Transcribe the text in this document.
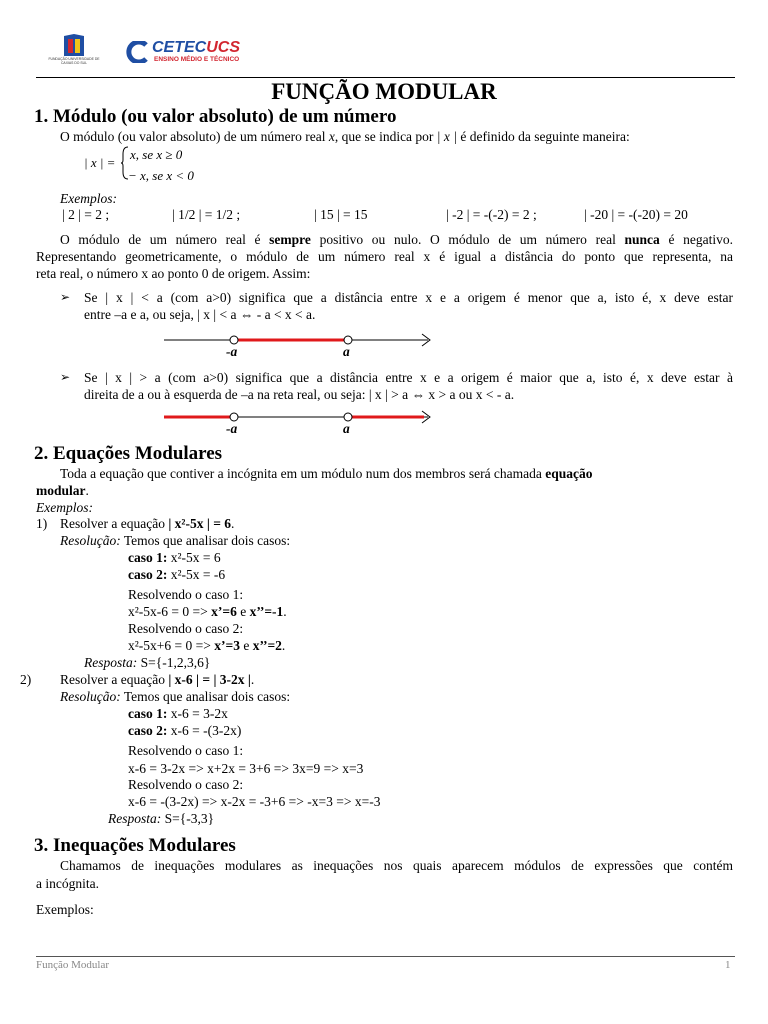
FUNDAÇÃO UNIVERSIDADE DE CAXIAS DO SUL
CETECUCS
ENSINO MÉDIO E TÉCNICO
FUNÇÃO MODULAR
1. Módulo (ou valor absoluto) de um número
O módulo (ou valor absoluto) de um número real x, que se indica por | x | é definido da seguinte maneira:
| x | =
x, se x ≥ 0
− x, se x < 0
Exemplos:
| 2 | = 2 ;	| 1/2 | = 1/2 ;	| 15 | = 15	| -2 | = -(-2) = 2 ;	| -20 | = -(-20) = 20
O módulo de um número real é sempre positivo ou nulo. O módulo de um número real nunca é negativo.
Representando geometricamente, o módulo de um número real x é igual a distância do ponto que representa, na
reta real, o número x ao ponto 0 de origem. Assim:
➢ Se | x | < a (com a>0) significa que a distância entre x e a origem é menor que a, isto é, x deve estar
entre –a e a, ou seja, | x | < a ⇔ - a < x < a.
-a	a
➢ Se | x | > a (com a>0) significa que a distância entre x e a origem é maior que a, isto é, x deve estar à
direita de a ou à esquerda de –a na reta real, ou seja: | x | > a ⇔ x > a ou x < - a.
-a	a
2. Equações Modulares
Toda a equação que contiver a incógnita em um módulo num dos membros será chamada equação
modular.
Exemplos:
1) Resolver a equação | x²-5x | = 6.
Resolução: Temos que analisar dois casos:
caso 1: x²-5x = 6
caso 2: x²-5x = -6
Resolvendo o caso 1:
x²-5x-6 = 0 => x’=6 e x’’=-1.
Resolvendo o caso 2:
x²-5x+6 = 0 => x’=3 e x’’=2.
Resposta: S={-1,2,3,6}
2) Resolver a equação | x-6 | = | 3-2x |.
Resolução: Temos que analisar dois casos:
caso 1: x-6 = 3-2x
caso 2: x-6 = -(3-2x)
Resolvendo o caso 1:
x-6 = 3-2x => x+2x = 3+6 => 3x=9 => x=3
Resolvendo o caso 2:
x-6 = -(3-2x) => x-2x = -3+6 => -x=3 => x=-3
Resposta: S={-3,3}
3. Inequações Modulares
Chamamos de inequações modulares as inequações nos quais aparecem módulos de expressões que contém
a incógnita.
Exemplos:
Função Modular	1
